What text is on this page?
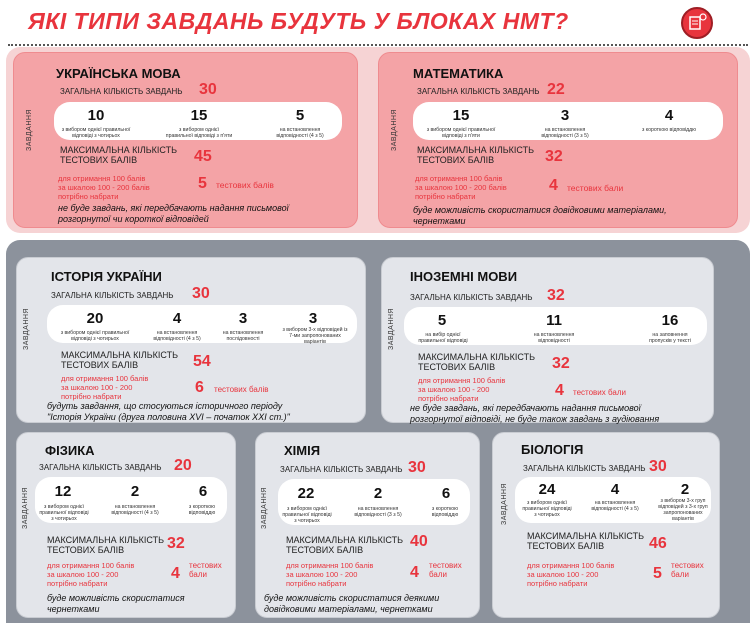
ЯКІ ТИПИ ЗАВДАНЬ БУДУТЬ У БЛОКАХ НМТ?
УКРАЇНСЬКА МОВА
ЗАГАЛЬНА КІЛЬКІСТЬ ЗАВДАНЬ 30
ЗАВДАННЯ	10
з вибором однієї правильної
відповіді з чотирьох
15
з вибором однієї
правильної відповіді з п'яти
5
на встановлення
відповідності (4 з 5)
МАКСИМАЛЬНА КІЛЬКІСТЬ
ТЕСТОВИХ БАЛІВ	45
для отримання 100 балів
за шкалою 100 - 200 балів
потрібно набрати
5 тестових балів
не буде завдань, які передбачають надання письмової
розгорнутої чи короткої відповідей
МАТЕМАТИКА
ЗАГАЛЬНА КІЛЬКІСТЬ ЗАВДАНЬ 22
ЗАВДАННЯ	15
з вибором однієї правильної
відповіді з п'яти
3
на встановлення
відповідності (3 з 5)
4
з короткою відповіддю
МАКСИМАЛЬНА КІЛЬКІСТЬ
ТЕСТОВИХ БАЛІВ	32
для отримання 100 балів
за шкалою 100 - 200 балів
потрібно набрати
4 тестових бали
буде можливість скористатися довідковими матеріалами,
чернетками
ІСТОРІЯ УКРАЇНИ
ЗАГАЛЬНА КІЛЬКІСТЬ ЗАВДАНЬ 30
ЗАВДАННЯ	20
з вибором однієї правильної
відповіді з чотирьох
4
на встановлення
відповідності (4 з 5)
3
на встановлення
послідовності
3
з вибором 3-х відповідей із
7-ми запропонованих
варіантів
МАКСИМАЛЬНА КІЛЬКІСТЬ
ТЕСТОВИХ БАЛІВ	54
для отримання 100 балів
за шкалою 100 - 200
потрібно набрати
6 тестових балів
будуть завдання, що стосуються історичного періоду
"Історія України (друга половина XVI – початок XXI ст.)"
ІНОЗЕМНІ МОВИ
ЗАГАЛЬНА КІЛЬКІСТЬ ЗАВДАНЬ 32
ЗАВДАННЯ	5
на вибір однієї
правильної відповіді
11
на встановлення
відповідності
16
на заповнення
пропусків у тексті
МАКСИМАЛЬНА КІЛЬКІСТЬ
ТЕСТОВИХ БАЛІВ	32
для отримання 100 балів
за шкалою 100 - 200
потрібно набрати	4 тестових бали
не буде завдань, які передбачають надання письмової
розгорнутої відповіді, не буде також завдань з аудіювання
ФІЗИКА
ЗАГАЛЬНА КІЛЬКІСТЬ ЗАВДАНЬ 20
ЗАВДАННЯ	12
з вибором однієї
правильної відповіді
з чотирьох
2
на встановлення
відповідності (4 з 5)
6
з короткою
відповіддю
МАКСИМАЛЬНА КІЛЬКІСТЬ
ТЕСТОВИХ БАЛІВ	32
для отримання 100 балів
за шкалою 100 - 200
потрібно набрати
4 тестових
бали
буде можливість скористатися
чернетками
ХІМІЯ
ЗАГАЛЬНА КІЛЬКІСТЬ ЗАВДАНЬ 30
ЗАВДАННЯ	22
з вибором однієї
правильної відповіді
з чотирьох
2
на встановлення
відповідності (3 з 5)
6
з короткою
відповіддю
МАКСИМАЛЬНА КІЛЬКІСТЬ
ТЕСТОВИХ БАЛІВ	40
для отримання 100 балів
за шкалою 100 - 200
потрібно набрати
4 тестових
бали
буде можливість скористатися деякими
довідковими матеріалами, чернетками
БІОЛОГІЯ
ЗАГАЛЬНА КІЛЬКІСТЬ ЗАВДАНЬ 30
ЗАВДАННЯ	24
з вибором однієї
правильної відповіді
з чотирьох
4
на встановлення
відповідності (4 з 5)
2
з вибором 3-х груп
відповідей з 3-х груп
запропонованих
варіантів
МАКСИМАЛЬНА КІЛЬКІСТЬ
ТЕСТОВИХ БАЛІВ	46
для отримання 100 балів
за шкалою 100 - 200
потрібно набрати
5 тестових
бали
